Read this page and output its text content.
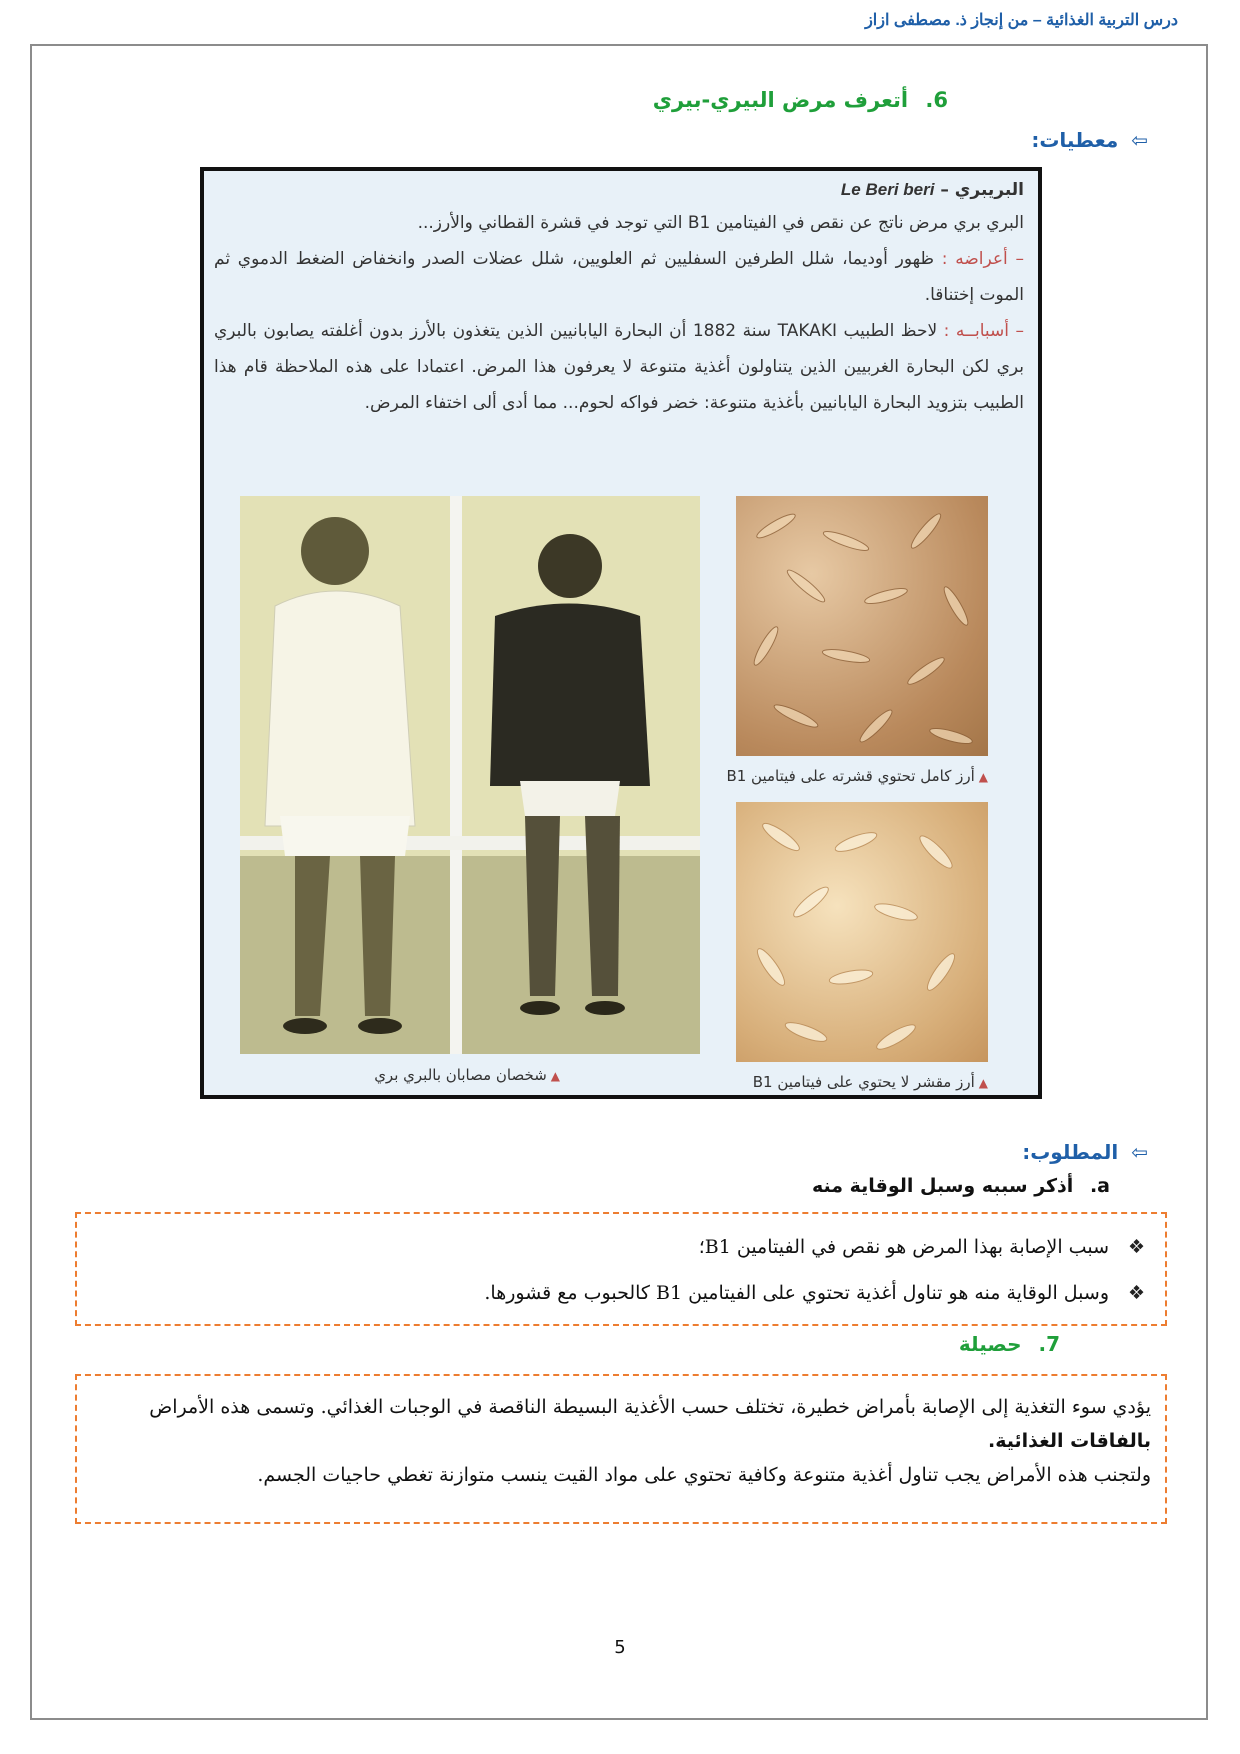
درس التربية الغذائية – من إنجاز ذ. مصطفى ازاز
6. أتعرف مرض البيري-بيري
⇦ معطيات:
البريبري – Le Beri beri

البري بري مرض ناتج عن نقص في الفيتامين B1 التي توجد في قشرة القطاني والأرز...

– أعراضه : ظهور أوديما، شلل الطرفين السفليين ثم العلويين، شلل عضلات الصدر وانخفاض الضغط الدموي ثم الموت إختناقا.

– أسبابــه : لاحظ الطبيب TAKAKI سنة 1882 أن البحارة اليابانيين الذين يتغذون بالأرز بدون أغلفته يصابون بالبري بري لكن البحارة الغربيين الذين يتناولون أغذية متنوعة لا يعرفون هذا المرض. اعتمادا على هذه الملاحظة قام هذا الطبيب بتزويد البحارة اليابانيين بأغذية متنوعة: خضر فواكه لحوم... مما أدى ألى اختفاء المرض.

▲أرز كامل تحتوي قشرته على فيتامين B1
▲أرز مقشر لا يحتوي على فيتامين B1
▲شخصان مصابان بالبري بري
⇦ المطلوب:
a. أذكر سببه وسبل الوقاية منه
❖
سبب الإصابة بهذا المرض هو نقص في الفيتامين B1؛
❖
وسبل الوقاية منه هو تناول أغذية تحتوي على الفيتامين B1 كالحبوب مع قشورها.
7. حصيلة
يؤدي سوء التغذية إلى الإصابة بأمراض خطيرة، تختلف حسب الأغذية البسيطة الناقصة في الوجبات الغذائي. وتسمى هذه الأمراض بالفاقات الغذائية.
ولتجنب هذه الأمراض يجب تناول أغذية متنوعة وكافية تحتوي على مواد القيت ينسب متوازنة تغطي حاجيات الجسم.
5
